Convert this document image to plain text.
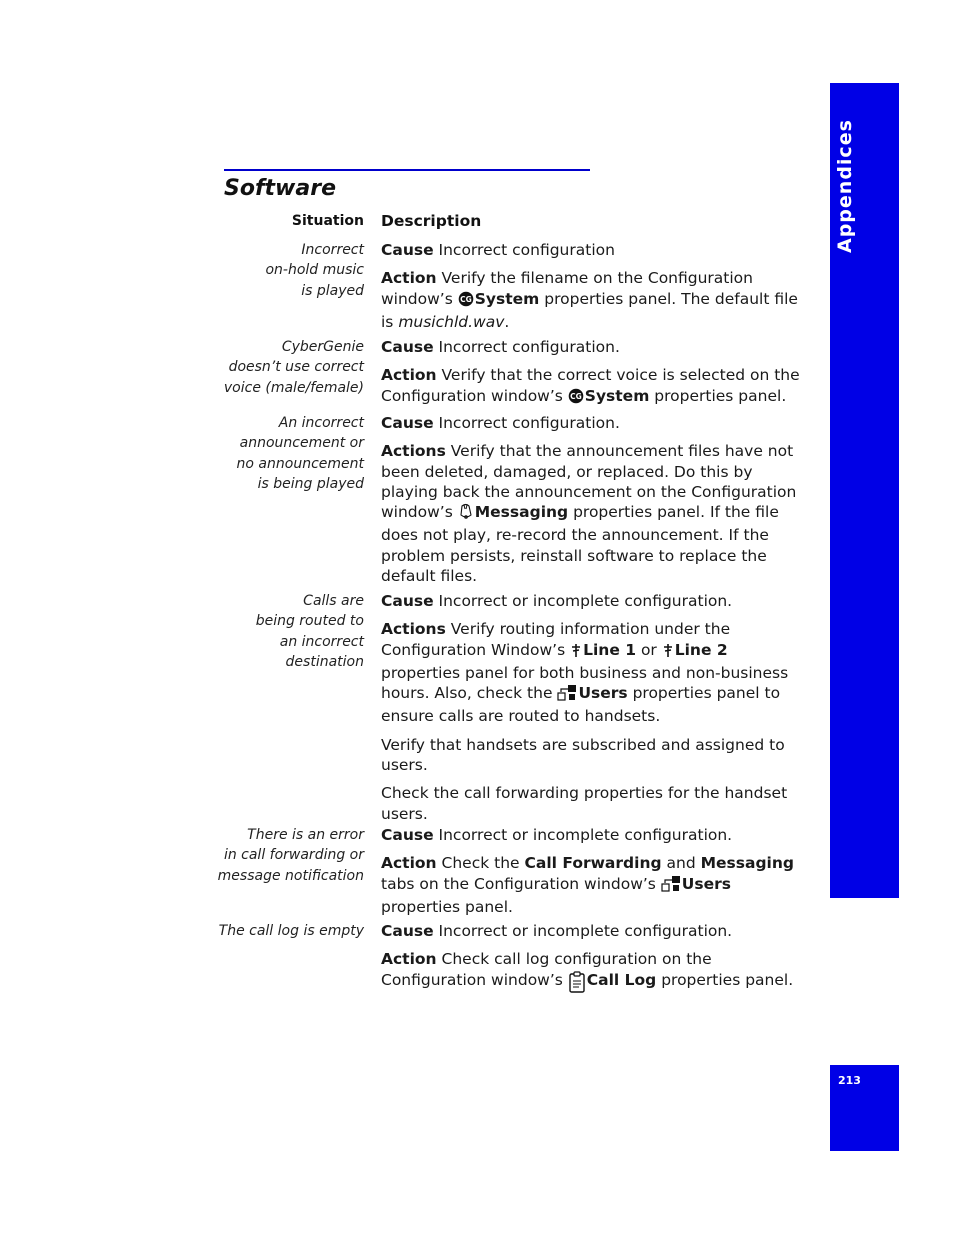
Appendices
213
Software
Situation Description
Incorrect
on-hold music
is played

Cause Incorrect configuration

Action Verify the filename on the Configuration window’s CG System properties panel. The default file is musichld.wav.

CyberGenie
doesn’t use correct
voice (male/female)

Cause Incorrect configuration.

Action Verify that the correct voice is selected on the Configuration window’s CG System properties panel.

An incorrect
announcement or
no announcement
is being played

Cause Incorrect configuration.

Actions Verify that the announcement files have not been deleted, damaged, or replaced. Do this by playing back the announcement on the Configuration window’s Messaging properties panel. If the file does not play, re-record the announcement. If the problem persists, reinstall software to replace the default files.

Calls are
being routed to
an incorrect
destination

Cause Incorrect or incomplete configuration.

Actions Verify routing information under the Configuration Window’s Line 1 or Line 2 properties panel for both business and non-business hours. Also, check the Users properties panel to ensure calls are routed to handsets.

Verify that handsets are subscribed and assigned to users.

Check the call forwarding properties for the handset users.

There is an error
in call forwarding or
message notification

Cause Incorrect or incomplete configuration.

Action Check the Call Forwarding and Messaging tabs on the Configuration window’s Users properties panel.

The call log is empty Cause Incorrect or incomplete configuration.

Action Check call log configuration on the Configuration window’s Call Log properties panel.
